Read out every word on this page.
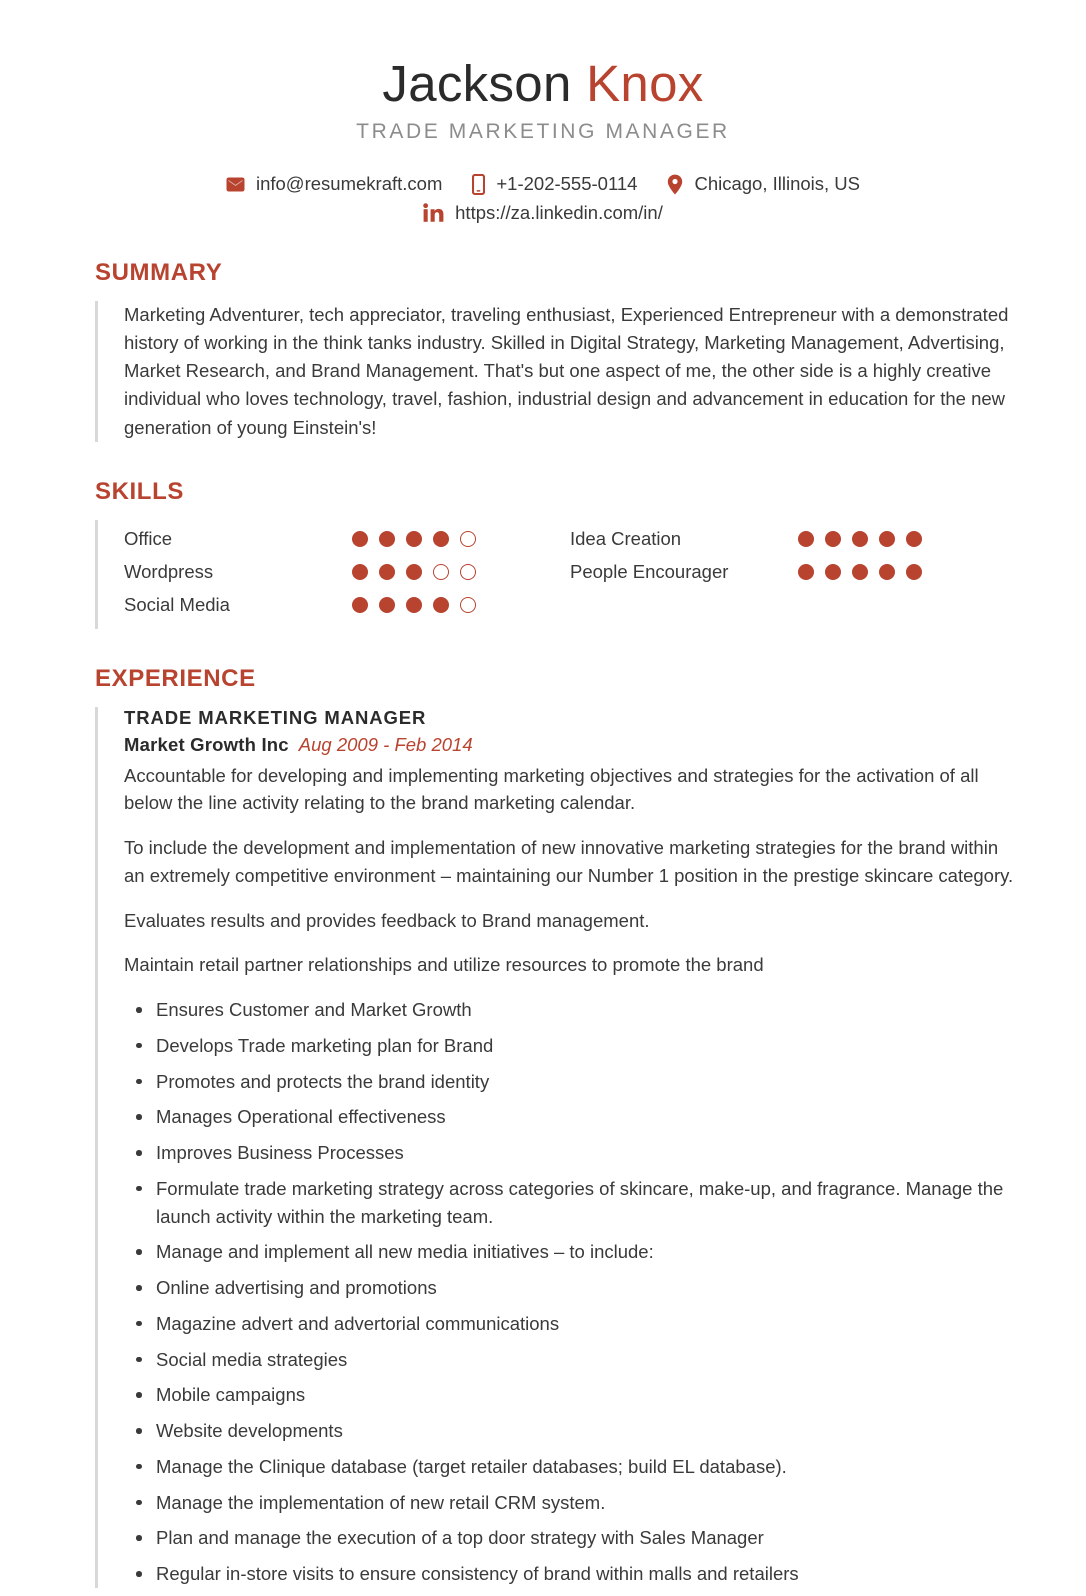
Jackson Knox
TRADE MARKETING MANAGER
info@resumekraft.com	+1-202-555-0114	Chicago, Illinois, US
https://za.linkedin.com/in/
SUMMARY
Marketing Adventurer, tech appreciator, traveling enthusiast, Experienced Entrepreneur with a demonstrated history of working in the think tanks industry. Skilled in Digital Strategy, Marketing Management, Advertising, Market Research, and Brand Management. That's but one aspect of me, the other side is a highly creative individual who loves technology, travel, fashion, industrial design and advancement in education for the new generation of young Einstein's!
SKILLS
Office
Wordpress
Social Media
Idea Creation
People Encourager
EXPERIENCE
TRADE MARKETING MANAGER
Market Growth Inc Aug 2009 - Feb 2014

Accountable for developing and implementing marketing objectives and strategies for the activation of all below the line activity relating to the brand marketing calendar.

To include the development and implementation of new innovative marketing strategies for the brand within an extremely competitive environment – maintaining our Number 1 position in the prestige skincare category.

Evaluates results and provides feedback to Brand management.

Maintain retail partner relationships and utilize resources to promote the brand

Ensures Customer and Market Growth
Develops Trade marketing plan for Brand
Promotes and protects the brand identity
Manages Operational effectiveness
Improves Business Processes
Formulate trade marketing strategy across categories of skincare, make-up, and fragrance. Manage the launch activity within the marketing team.
Manage and implement all new media initiatives – to include:
Online advertising and promotions
Magazine advert and advertorial communications
Social media strategies
Mobile campaigns
Website developments
Manage the Clinique database (target retailer databases; build EL database).
Manage the implementation of new retail CRM system.
Plan and manage the execution of a top door strategy with Sales Manager
Regular in-store visits to ensure consistency of brand within malls and retailers
